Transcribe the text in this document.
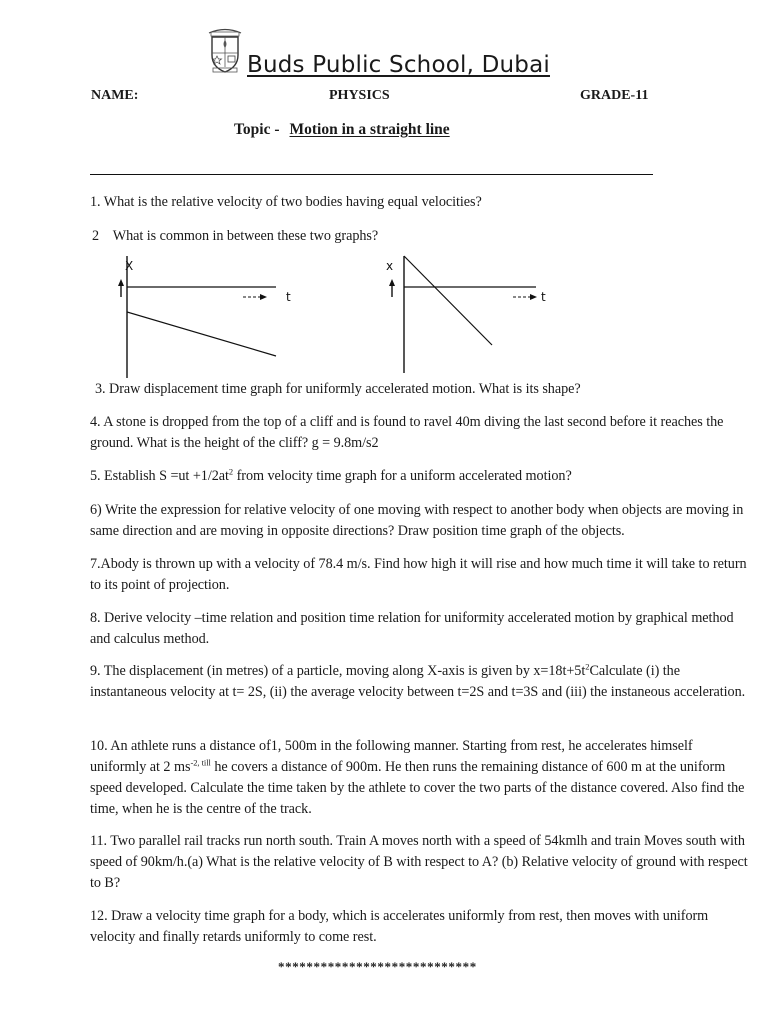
Buds Public School, Dubai
NAME:	PHYSICS	GRADE-11
Topic - Motion in a straight line
1. What is the relative velocity of two bodies having equal velocities?
2    What is common in between these two graphs?
X
t
x
t
3. Draw displacement time graph for uniformly accelerated motion. What is its shape?
4. A stone is dropped from the top of a cliff and is found to ravel 40m diving the last second before it reaches the ground. What is the height of the cliff? g = 9.8m/s2
5. Establish $S =ut +1/2at^2$ from velocity time graph for a uniform accelerated motion?
6) Write the expression for relative velocity of one moving with respect to another body when objects are moving in same direction and are moving in opposite directions? Draw position time graph of the objects.
7.Abody is thrown up with a velocity of 78.4 m/s. Find how high it will rise and how much time it will take to return to its point of projection.
8. Derive velocity –time relation and position time relation for uniformity accelerated motion by graphical method and calculus method.
9. The displacement (in metres) of a particle, moving along X-axis is given by $x=18t+5t^2Calculate$ (i) the instantaneous velocity at t= 2S, (ii) the average velocity between t=2S and t=3S and (iii) the instaneous acceleration.
10. An athlete runs a distance of1, 500m in the following manner. Starting from rest, he accelerates himself uniformly at 2 $ms^{-2, till}$ he covers a distance of 900m. He then runs the remaining distance of 600 m at the uniform speed developed. Calculate the time taken by the athlete to cover the two parts of the distance covered. Also find the time, when he is the centre of the track.
11. Two parallel rail tracks run north south. Train A moves north with a speed of 54kmlh and train Moves south with speed of 90km/h.(a) What is the relative velocity of B with respect to A? (b) Relative velocity of ground with respect to B?
12. Draw a velocity time graph for a body, which is accelerates uniformly from rest, then moves with uniform velocity and finally retards uniformly to come rest.
****************************
